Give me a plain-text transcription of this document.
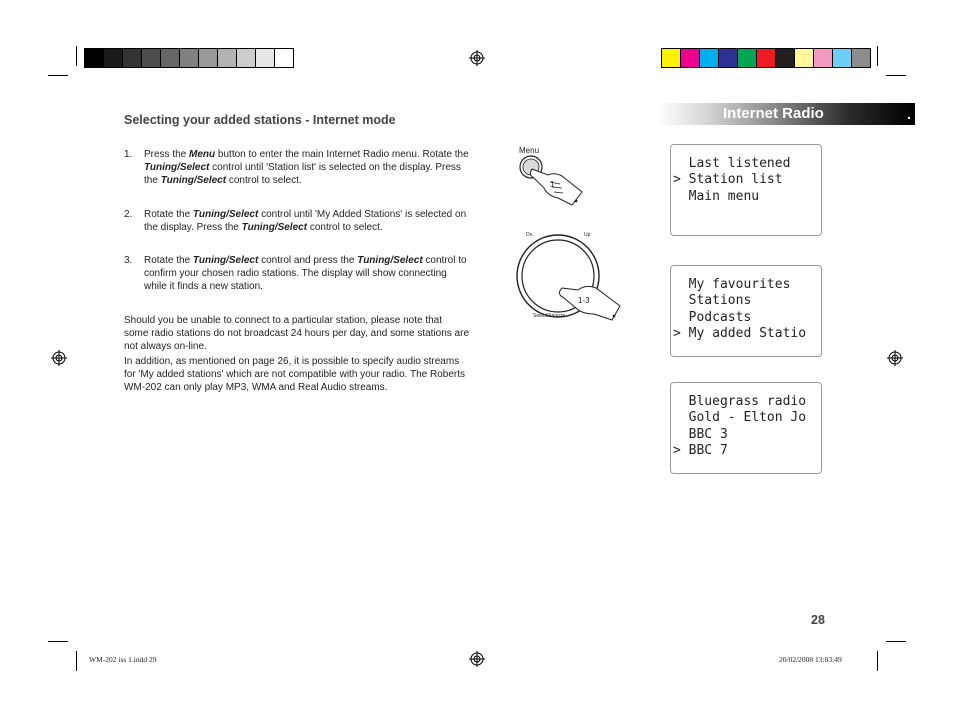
Internet Radio	.
Selecting your added stations - Internet mode
1. Press the Menu button to enter the main Internet Radio menu. Rotate the Tuning/Select control until 'Station list' is selected on the display. Press the Tuning/Select control to select.
2. Rotate the Tuning/Select control until 'My Added Stations' is selected on the display. Press the Tuning/Select control to select.
3. Rotate the Tuning/Select control and press the Tuning/Select control to confirm your chosen radio stations. The display will show connecting while it finds a new station.
Should you be unable to connect to a particular station, please note that some radio stations do not broadcast 24 hours per day, and some stations are not always on-line.
In addition, as mentioned on page 26, it is possible to specify audio streams for 'My added stations' which are not compatible with your radio. The Roberts WM-202 can only play MP3, WMA and Real Audio streams.
Menu
1
Dn.	Up
1-3
Select/Snooze
Last listened
> Station list
Main menu
My favourites
Stations
Podcasts
> My added Statio
Bluegrass radio
Gold - Elton Jo
BBC 3
> BBC 7
28
WM-202 iss 1.indd 29	20/02/2008 13:03:49
